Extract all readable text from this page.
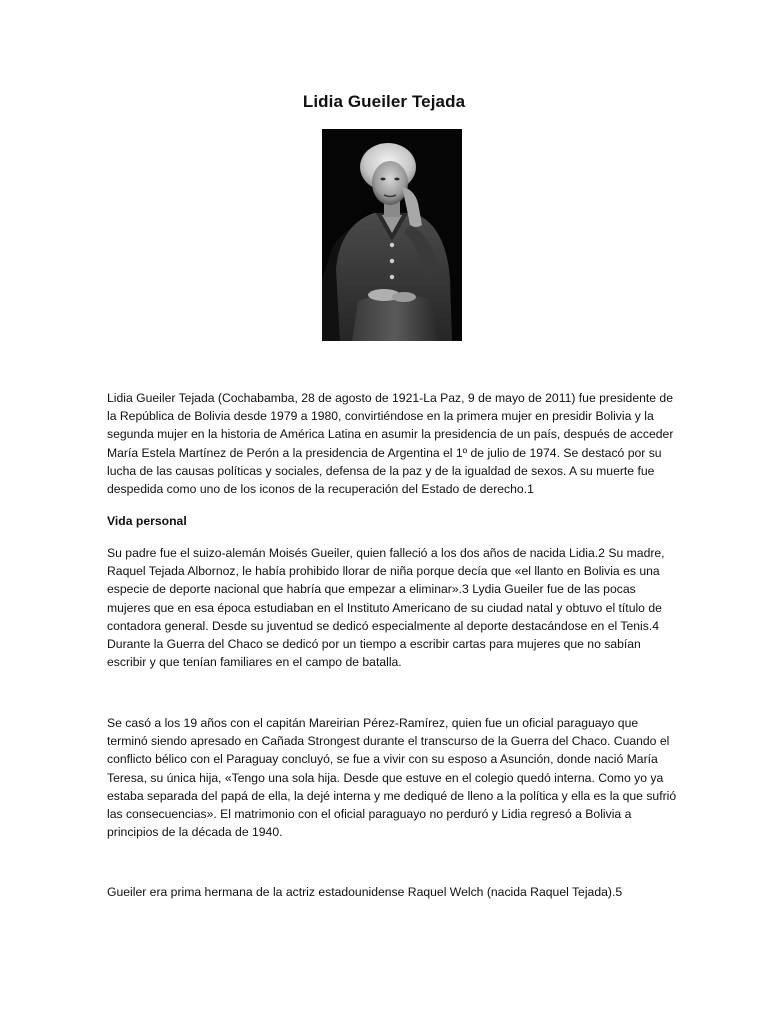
Lidia Gueiler Tejada

Lidia Gueiler Tejada (Cochabamba, 28 de agosto de 1921-La Paz, 9 de mayo de 2011) fue presidente de la República de Bolivia desde 1979 a 1980, convirtiéndose en la primera mujer en presidir Bolivia y la segunda mujer en la historia de América Latina en asumir la presidencia de un país, después de acceder María Estela Martínez de Perón a la presidencia de Argentina el 1º de julio de 1974. Se destacó por su lucha de las causas políticas y sociales, defensa de la paz y de la igualdad de sexos. A su muerte fue despedida como uno de los iconos de la recuperación del Estado de derecho.1

Vida personal

Su padre fue el suizo-alemán Moisés Gueiler, quien falleció a los dos años de nacida Lidia.2 Su madre, Raquel Tejada Albornoz, le había prohibido llorar de niña porque decía que «el llanto en Bolivia es una especie de deporte nacional que habría que empezar a eliminar».3 Lydia Gueiler fue de las pocas mujeres que en esa época estudiaban en el Instituto Americano de su ciudad natal y obtuvo el título de contadora general. Desde su juventud se dedicó especialmente al deporte destacándose en el Tenis.4 Durante la Guerra del Chaco se dedicó por un tiempo a escribir cartas para mujeres que no sabían escribir y que tenían familiares en el campo de batalla.

Se casó a los 19 años con el capitán Mareirian Pérez-Ramírez, quien fue un oficial paraguayo que terminó siendo apresado en Cañada Strongest durante el transcurso de la Guerra del Chaco. Cuando el conflicto bélico con el Paraguay concluyó, se fue a vivir con su esposo a Asunción, donde nació María Teresa, su única hija, «Tengo una sola hija. Desde que estuve en el colegio quedó interna. Como yo ya estaba separada del papá de ella, la dejé interna y me dediqué de lleno a la política y ella es la que sufrió las consecuencias». El matrimonio con el oficial paraguayo no perduró y Lidia regresó a Bolivia a principios de la década de 1940.

Gueiler era prima hermana de la actriz estadounidense Raquel Welch (nacida Raquel Tejada).5
